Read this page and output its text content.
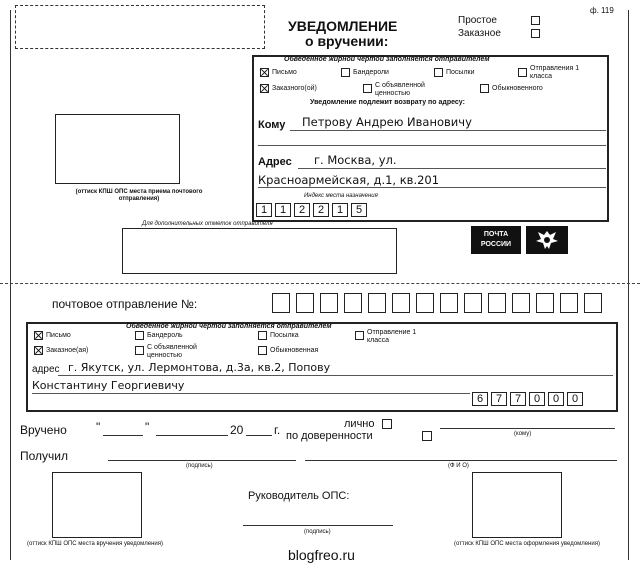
ф. 119
УВЕДОМЛЕНИЕ
о вручении:
Простое
Заказное
Обведенное жирной чертой заполняется отправителем
Письмо	Бандероли	Посылки
Отправления 1 класса
Заказного(ой)	С объявленной ценностью
Обыкновенного
Уведомление подлежит возврату по адресу:
Кому Петрову Андрею Ивановичу
Адрес г. Москва, ул.
Красноармейская, д.1, кв.201
Индекс места назначения
1	1	2	2	1	5
(оттиск КПШ ОПС места приема почтового отправления)
Для дополнительных отметок отправителя
ПОЧТА
РОССИИ
почтовое отправление №:
Обведенное жирной чертой заполняется отправителем
Письмо	Бандероль	Посылка	Отправление 1 класса
Заказное(ая)	С объявленной ценностью
Обыкновенная
адрес г. Якутск, ул. Лермонтова, д.3а, кв.2, Попову
Константину Георгиевичу
6	7	7	0	0	0
Вручено "	"	20	г.	лично
по доверенности	(кому)
Получил
(подпись)	(Ф И О)
(оттиск КПШ ОПС места вручения уведомления)	(оттиск КПШ ОПС места оформления уведомления)
Руководитель ОПС:
(подпись)
blogfreo.ru
